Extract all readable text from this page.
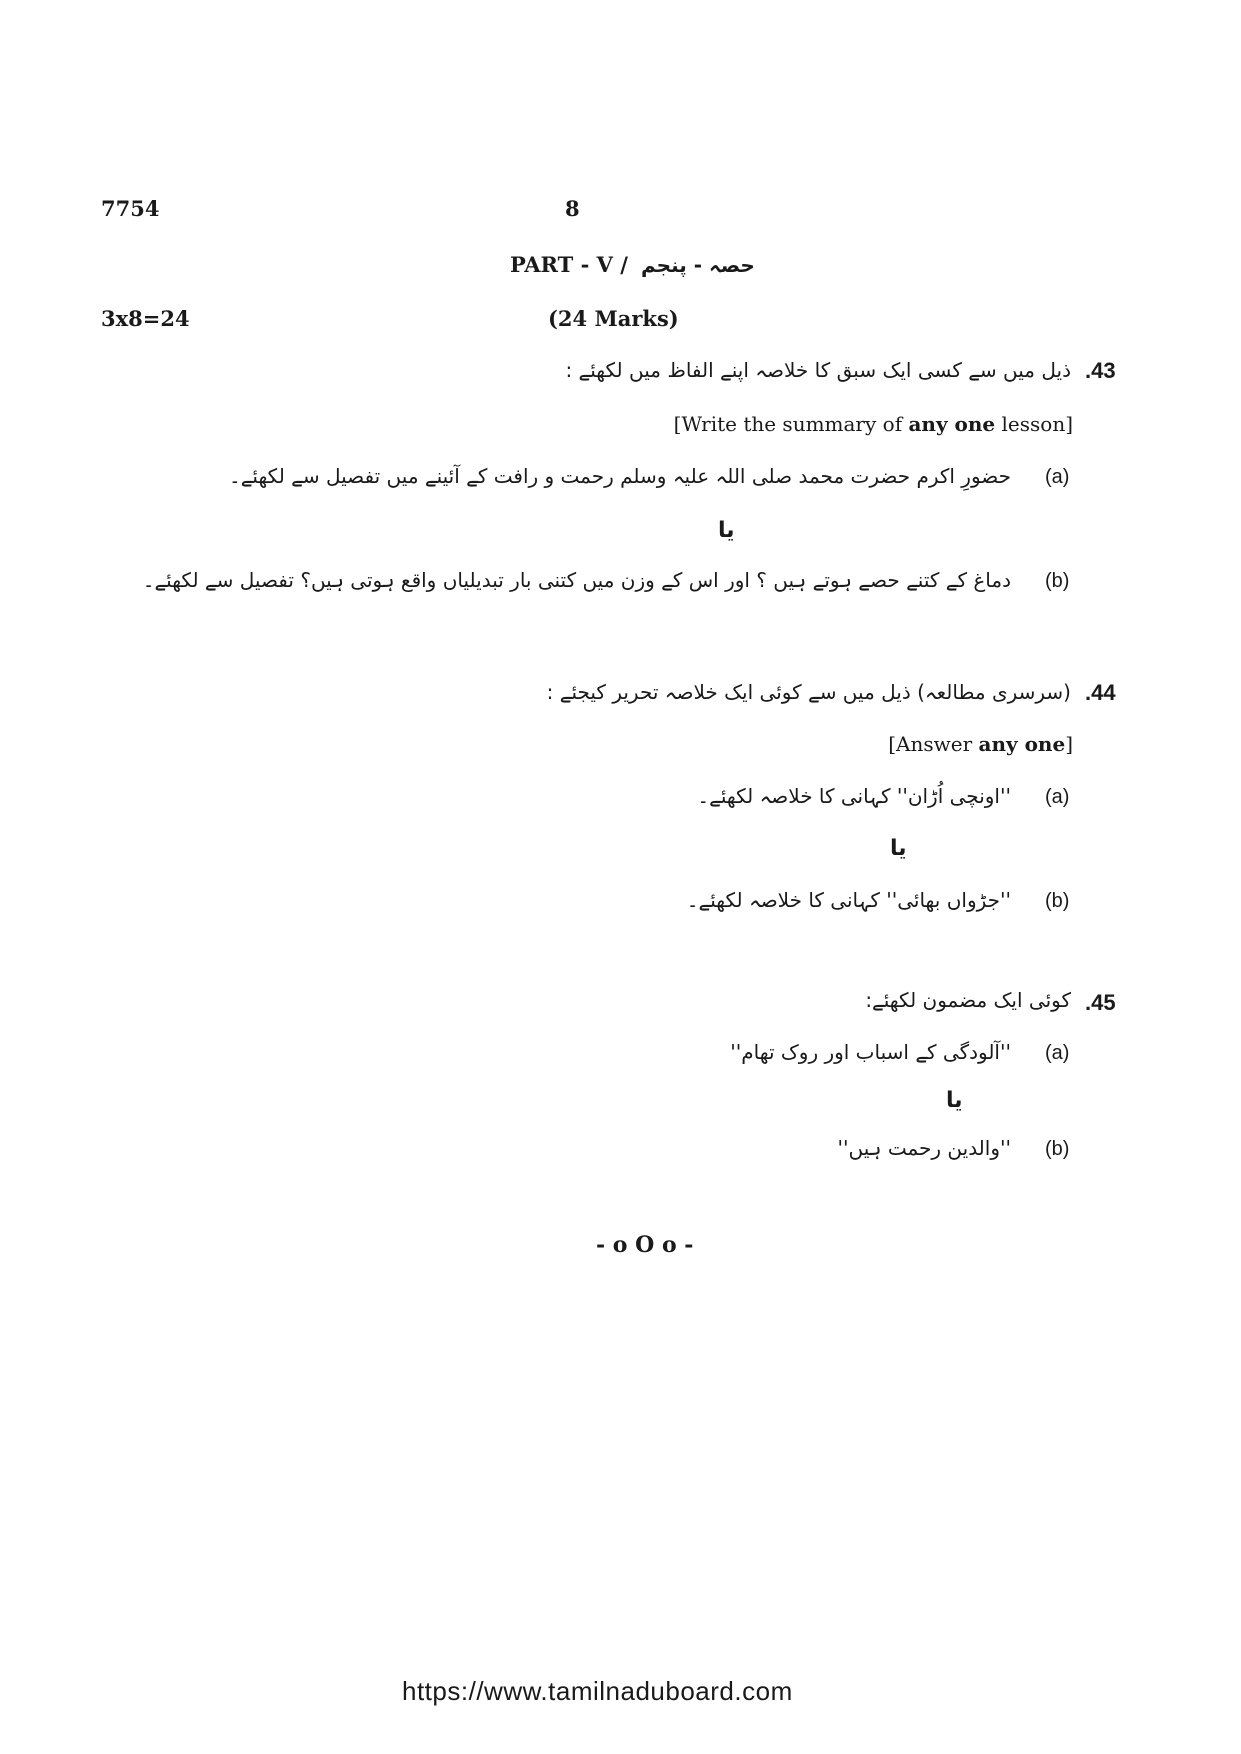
7754	8
PART - V / حصہ - پنجم
3x8=24	(24 Marks)
.43
ذیل میں سے کسی ایک سبق کا خلاصہ اپنے الفاظ میں لکھئے :
[Write the summary of any one lesson]
(a)
حضورِ اکرم حضرت محمد صلی اللہ علیہ وسلم رحمت و رافت کے آئینے میں تفصیل سے لکھئے۔
یا
(b)
دماغ کے کتنے حصے ہوتے ہیں ؟ اور اس کے وزن میں کتنی بار تبدیلیاں واقع ہوتی ہیں؟ تفصیل سے لکھئے۔
.44
(سرسری مطالعہ) ذیل میں سے کوئی ایک خلاصہ تحریر کیجئے :
[Answer any one]
(a)
''اونچی اُڑان'' کہانی کا خلاصہ لکھئے۔
یا
(b)
''جڑواں بھائی'' کہانی کا خلاصہ لکھئے۔
.45
کوئی ایک مضمون لکھئے:
(a)
''آلودگی کے اسباب اور روک تھام''
یا
(b)
''والدین رحمت ہیں''
- o O o -
https://www.tamilnaduboard.com
